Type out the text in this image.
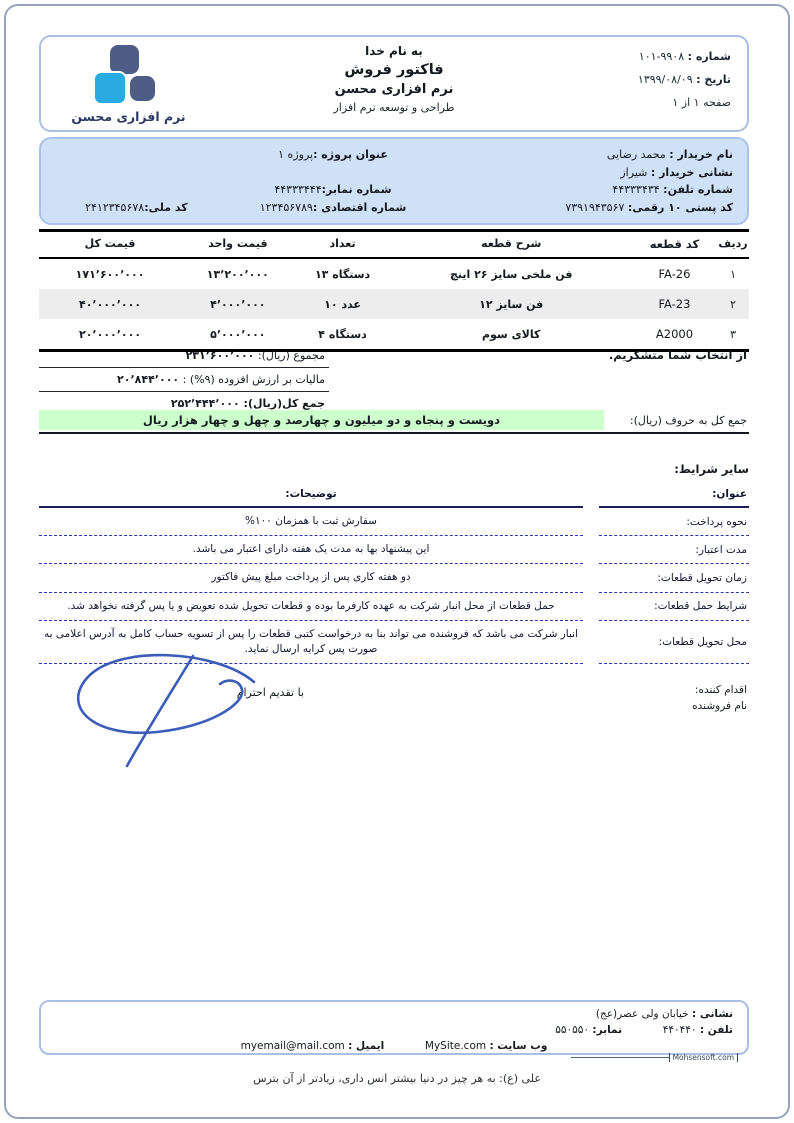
شماره : ۱۰۱-۹۹۰۸
تاریخ : ۱۳۹۹/۰۸/۰۹
صفحه ۱ از ۱
به نام خدا
فاکتور فروش
نرم افزاری محسن
طراحی و توسعه نرم افزار
نرم افزاری محسن
نام خریدار : محمد رضایی
عنوان پروژه :
پروژه ۱
نشانی خریدار : شیراز
شماره تلفن: ۴۴۳۳۳۴۳۴
شماره نمابر:
۴۴۳۳۳۴۴۴
کد پستی ۱۰ رقمی: ۷۳۹۱۹۴۳۵۶۷
شماره اقتصادی :
۱۲۳۴۵۶۷۸۹
کد ملی:
۲۴۱۲۳۴۵۶۷۸
ردیف
کد قطعه
شرح قطعه
تعداد
قیمت واحد
قیمت کل
۱
FA-26
فن ملخی سایز ۲۶ اینچ
۱۳ دستگاه
۱۳٬۲۰۰٬۰۰۰
۱۷۱٬۶۰۰٬۰۰۰
۲
FA-23
فن سایز ۱۲
۱۰ عدد
۴٬۰۰۰٬۰۰۰
۴۰٬۰۰۰٬۰۰۰
۳
A2000
کالای سوم
۴ دستگاه
۵٬۰۰۰٬۰۰۰
۲۰٬۰۰۰٬۰۰۰
از انتخاب شما متشکریم.
مجموع (ریال): ۲۳۱٬۶۰۰٬۰۰۰
مالیات بر ارزش افزوده (۹%) : ۲۰٬۸۴۴٬۰۰۰
جمع کل(ریال): ۲۵۲٬۴۴۴٬۰۰۰
جمع کل به حروف (ریال):
دویست و پنجاه و دو میلیون و چهارصد و چهل و چهار هزار ریال
سایر شرایط:
عنوان:
توضیحات:
نحوه پرداخت:
%۱۰۰‎ همزمان‎ با‎ ثبت‎ سفارش
مدت اعتبار:
این پیشنهاد بها به مدت یک هفته دارای اعتبار می باشد.
زمان تحویل قطعات:
دو هفته کاری پس از پرداخت مبلغ پیش فاکتور
شرایط حمل قطعات:
حمل قطعات از محل انبار شرکت به عهده کارفرما بوده و قطعات تحویل شده تعویض و یا پس گرفته نخواهد شد.
محل تحویل قطعات:
انبار شرکت می باشد که فروشنده می تواند بنا به درخواست کتبی قطعات را پس از تسویه حساب کامل به آدرس اعلامی به صورت پس کرایه ارسال نماید.
اقدام کننده:
نام فروشنده
با تقدیم احترام
نشانی : خیابان ولی عصر(عج)
تلفن : ۴۴۰۴۴۰  نمابر: ۵۵۰۵۵۰
وب سایت : MySite.com  ایمیل : myemail@mail.com
Mohsensoft.com
علی (ع): به هر چیز در دنیا بیشتر انس داری، زیادتر از آن بترس
